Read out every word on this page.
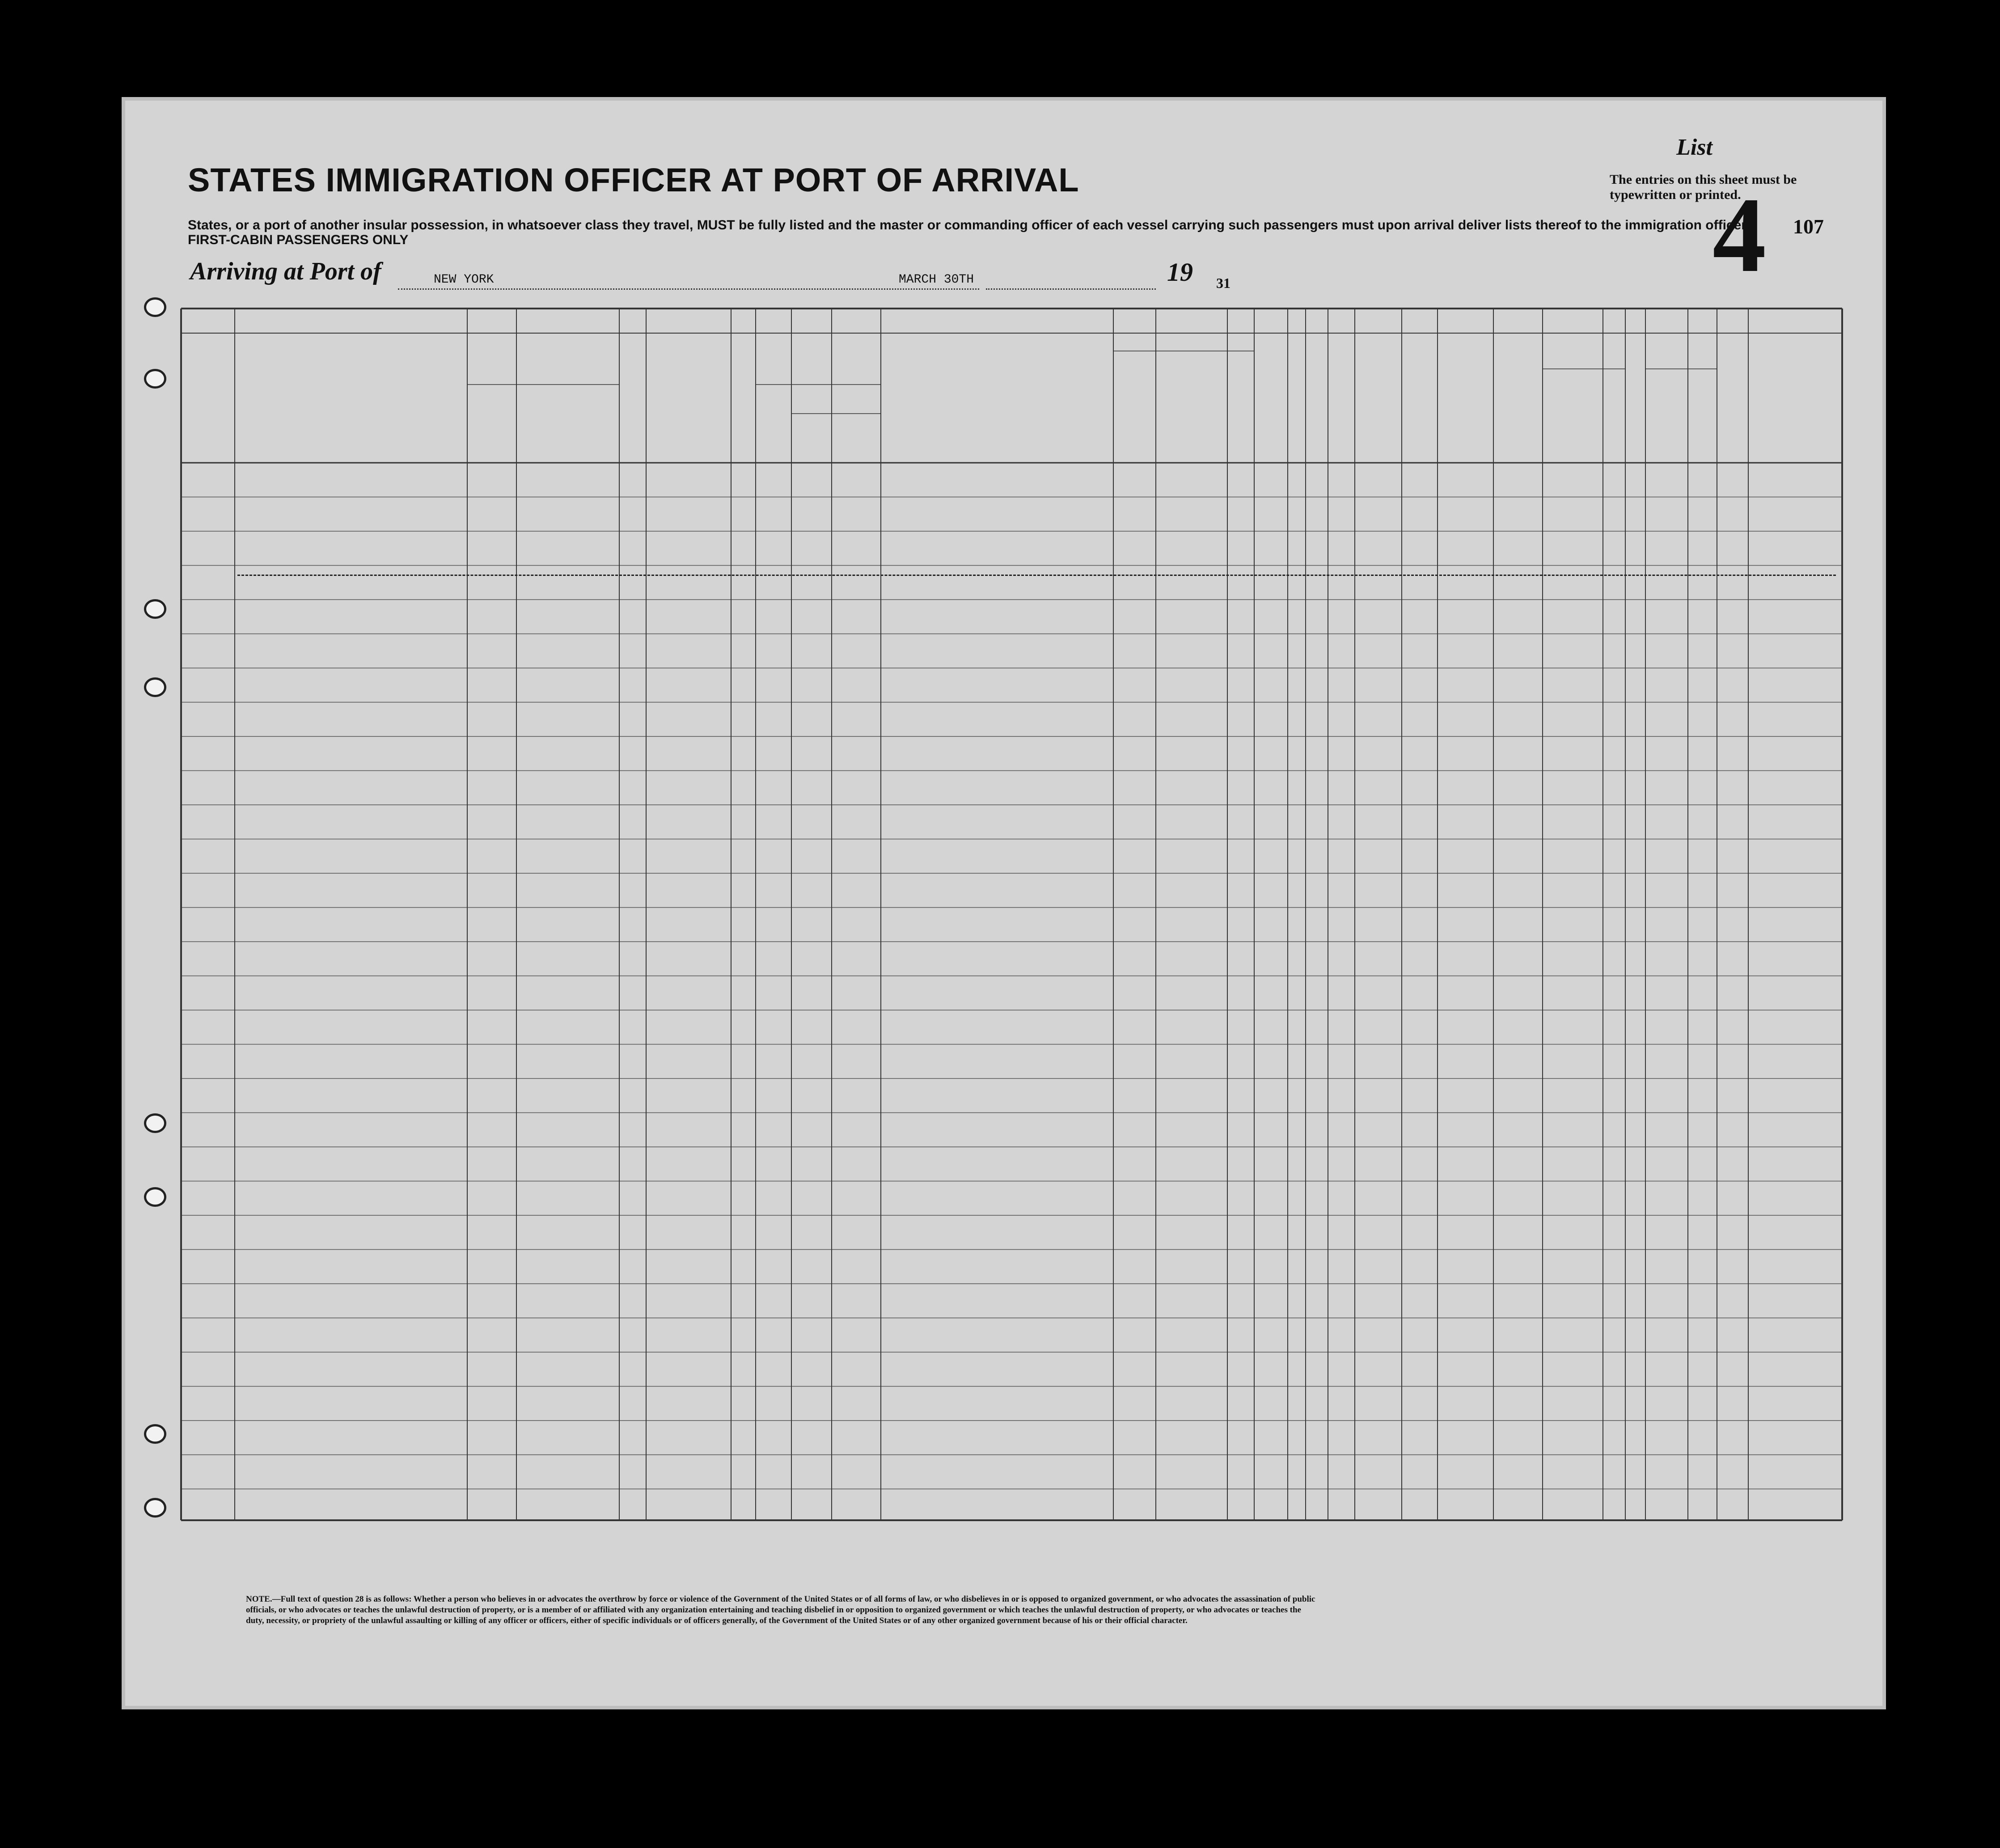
List
STATES IMMIGRATION OFFICER AT PORT OF ARRIVAL	The entries on this sheet must be typewritten or printed.
4 107
States, or a port of another insular possession, in whatsoever class they travel, MUST be fully listed and the master or commanding officer of each vessel carrying such passengers must upon arrival deliver lists thereof to the immigration officer
FIRST-CABIN PASSENGERS ONLY
Arriving at Port of	NEW YORK	MARCH 30TH	19 31
NOTE.—Full text of question 28 is as follows: Whether a person who believes in or advocates the overthrow by force or violence of the Government of the United States or of all forms of law, or who disbelieves in or is opposed to organized government, or who advocates the assassination of public officials, or who advocates or teaches the unlawful destruction of property, or is a member of or affiliated with any organization entertaining and teaching disbelief in or opposition to organized government or which teaches the unlawful destruction of property, or who advocates or teaches the duty, necessity, or propriety of the unlawful assaulting or killing of any officer or officers, either of specific individuals or of officers generally, of the Government of the United States or of any other organized government because of his or their official character.
